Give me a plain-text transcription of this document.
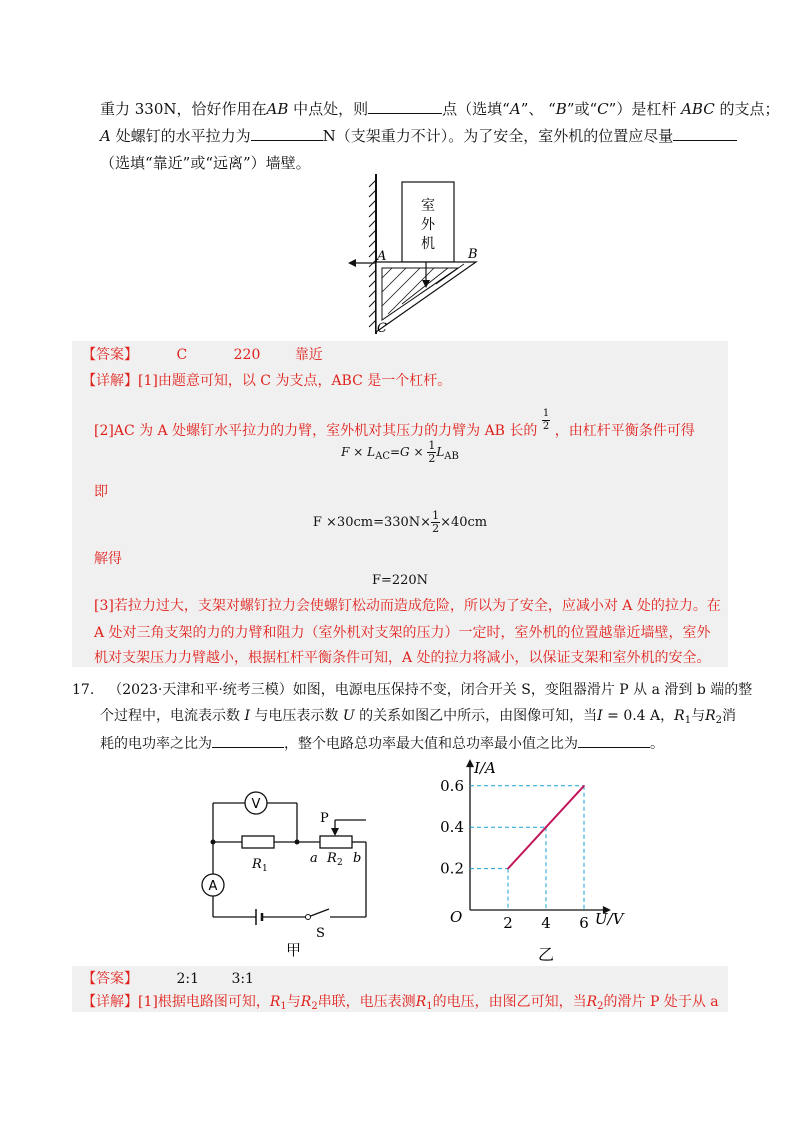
重力 330N，恰好作用在AB 中点处，则	点（选填“A”、 “B”或“C”）是杠杆 ABC 的支点；
A 处螺钉的水平拉力为	N（支架重力不计）。为了安全，室外机的位置应尽量
（选填“靠近”或“远离”）墙壁。
室
外
机
A	B
C
【答案】	C	220 靠近
【详解】[1]由题意可知，以 C 为支点，ABC 是一个杠杆。
[2]AC 为 A 处螺钉水平拉力的力臂，室外机对其压力的力臂为 AB 长的 $\frac{1}{2}$ ，由杠杆平衡条件可得
$F \times L_{AC}=G \times \frac{1}{2} L_{AB}$
即
$F \times 30cm=330N\times \frac{1}{2} \times 40cm$
解得
F=220N
[3]若拉力过大，支架对螺钉拉力会使螺钉松动而造成危险，所以为了安全，应减小对 A 处的拉力。在
A 处对三角支架的力的力臂和阻力（室外机对支架的压力）一定时，室外机的位置越靠近墙壁，室外
机对支架压力力臂越小，根据杠杆平衡条件可知，A 处的拉力将减小，以保证支架和室外机的安全。
17. （2023·天津和平·统考三模）如图，电源电压保持不变，闭合开关 S，变阻器滑片 P 从 a 滑到 b 端的整
个过程中，电流表示数 I 与电压表示数 U 的关系如图乙中所示，由图像可知，当I = 0.4 A，$R_1$与$R_2$消
耗的电功率之比为	，整个电路总功率最大值和总功率最小值之比为	。
V
A
R 1
a R 2 b
P
S
甲
I/A
U/V
O	2 4 6
0.2
0.4
0.6
乙
【答案】	2:1 3:1
【详解】[1]根据电路图可知，$R_1$与$R_2$串联，电压表测$R_1$的电压，由图乙可知，当$R_2$的滑片 P 处于从 a
